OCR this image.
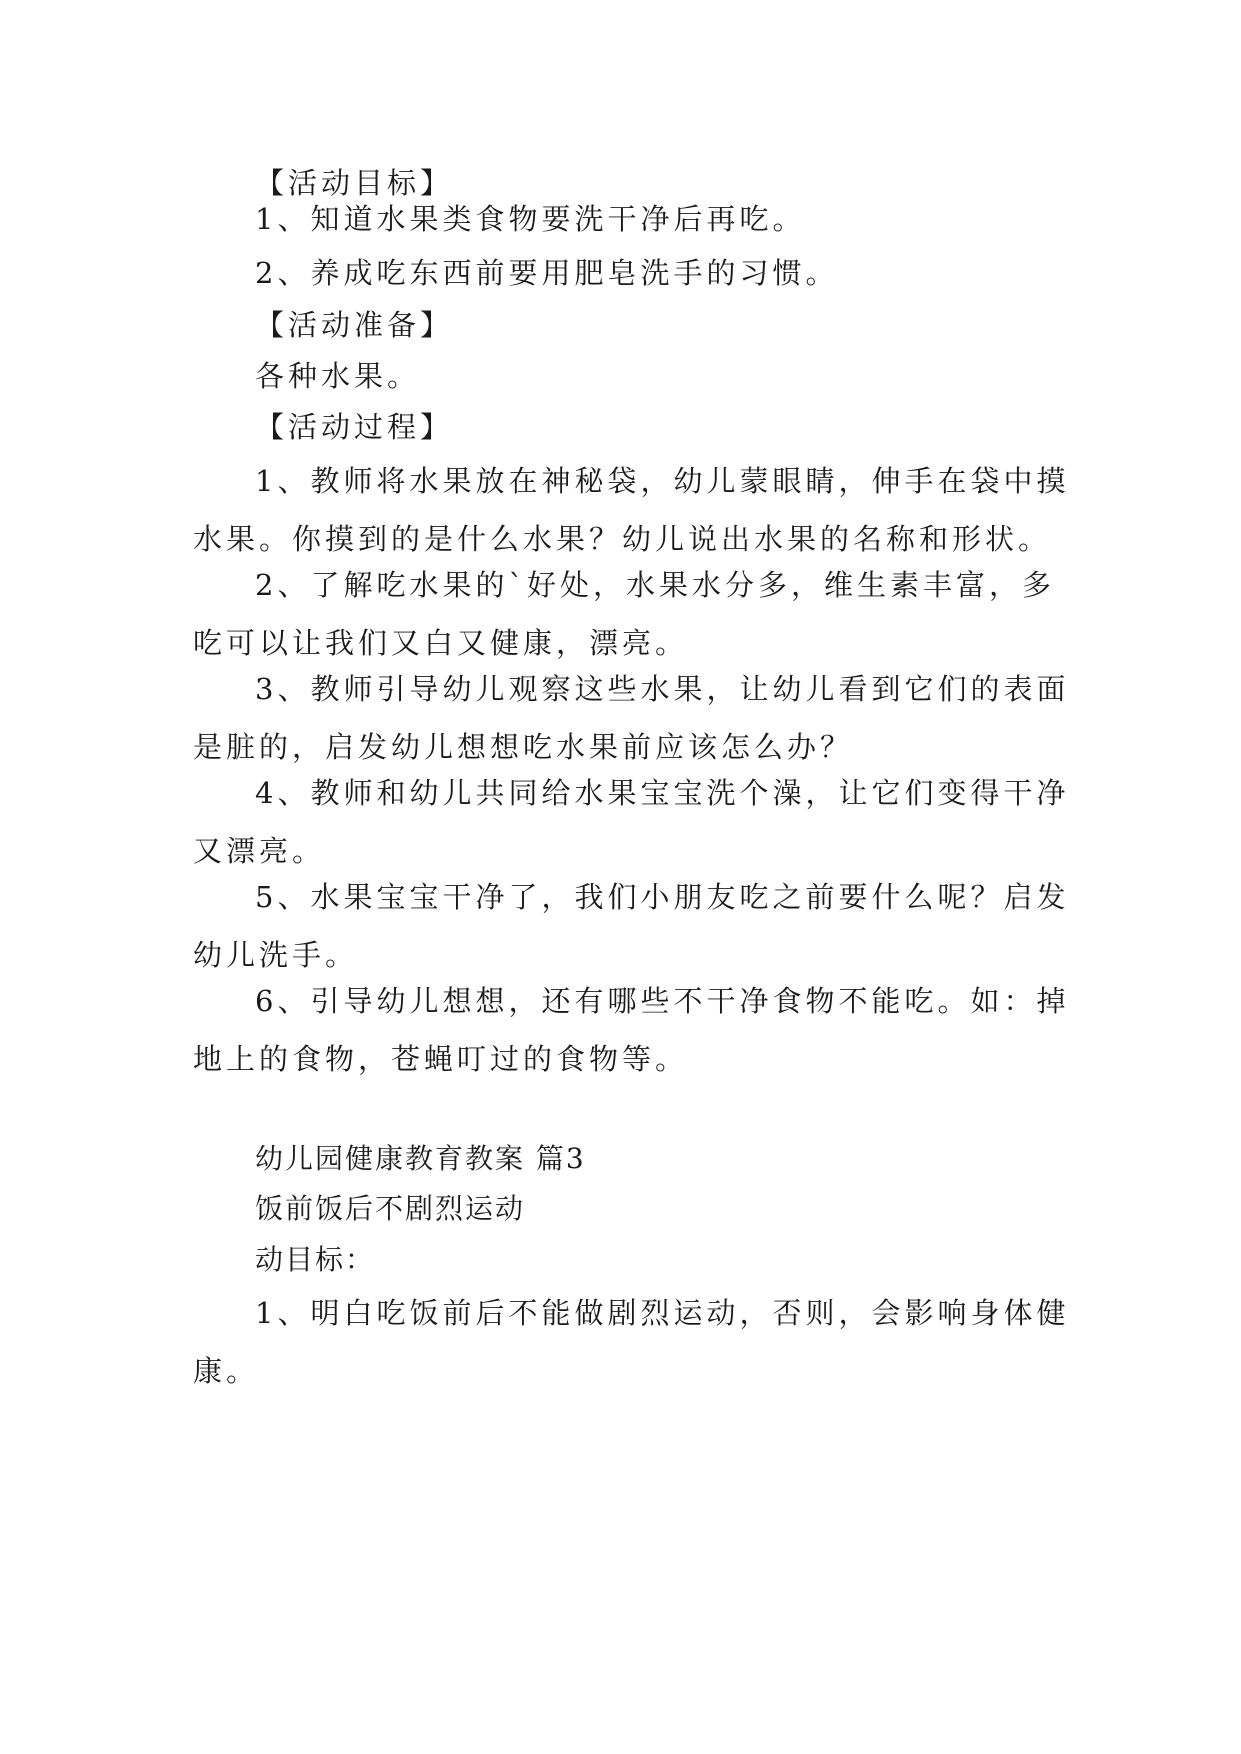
【活动目标】

1、知道水果类食物要洗干净后再吃。

2、养成吃东西前要用肥皂洗手的习惯。

【活动准备】

各种水果。

【活动过程】

1、教师将水果放在神秘袋，幼儿蒙眼睛，伸手在袋中摸水果。你摸到的是什么水果？幼儿说出水果的名称和形状。

2、了解吃水果的`好处，水果水分多，维生素丰富，多吃可以让我们又白又健康，漂亮。

3、教师引导幼儿观察这些水果，让幼儿看到它们的表面是脏的，启发幼儿想想吃水果前应该怎么办？

4、教师和幼儿共同给水果宝宝洗个澡，让它们变得干净又漂亮。

5、水果宝宝干净了，我们小朋友吃之前要什么呢？启发幼儿洗手。

6、引导幼儿想想，还有哪些不干净食物不能吃。如：掉地上的食物，苍蝇叮过的食物等。

幼儿园健康教育教案 篇3

饭前饭后不剧烈运动

动目标：

1、明白吃饭前后不能做剧烈运动，否则，会影响身体健康。
